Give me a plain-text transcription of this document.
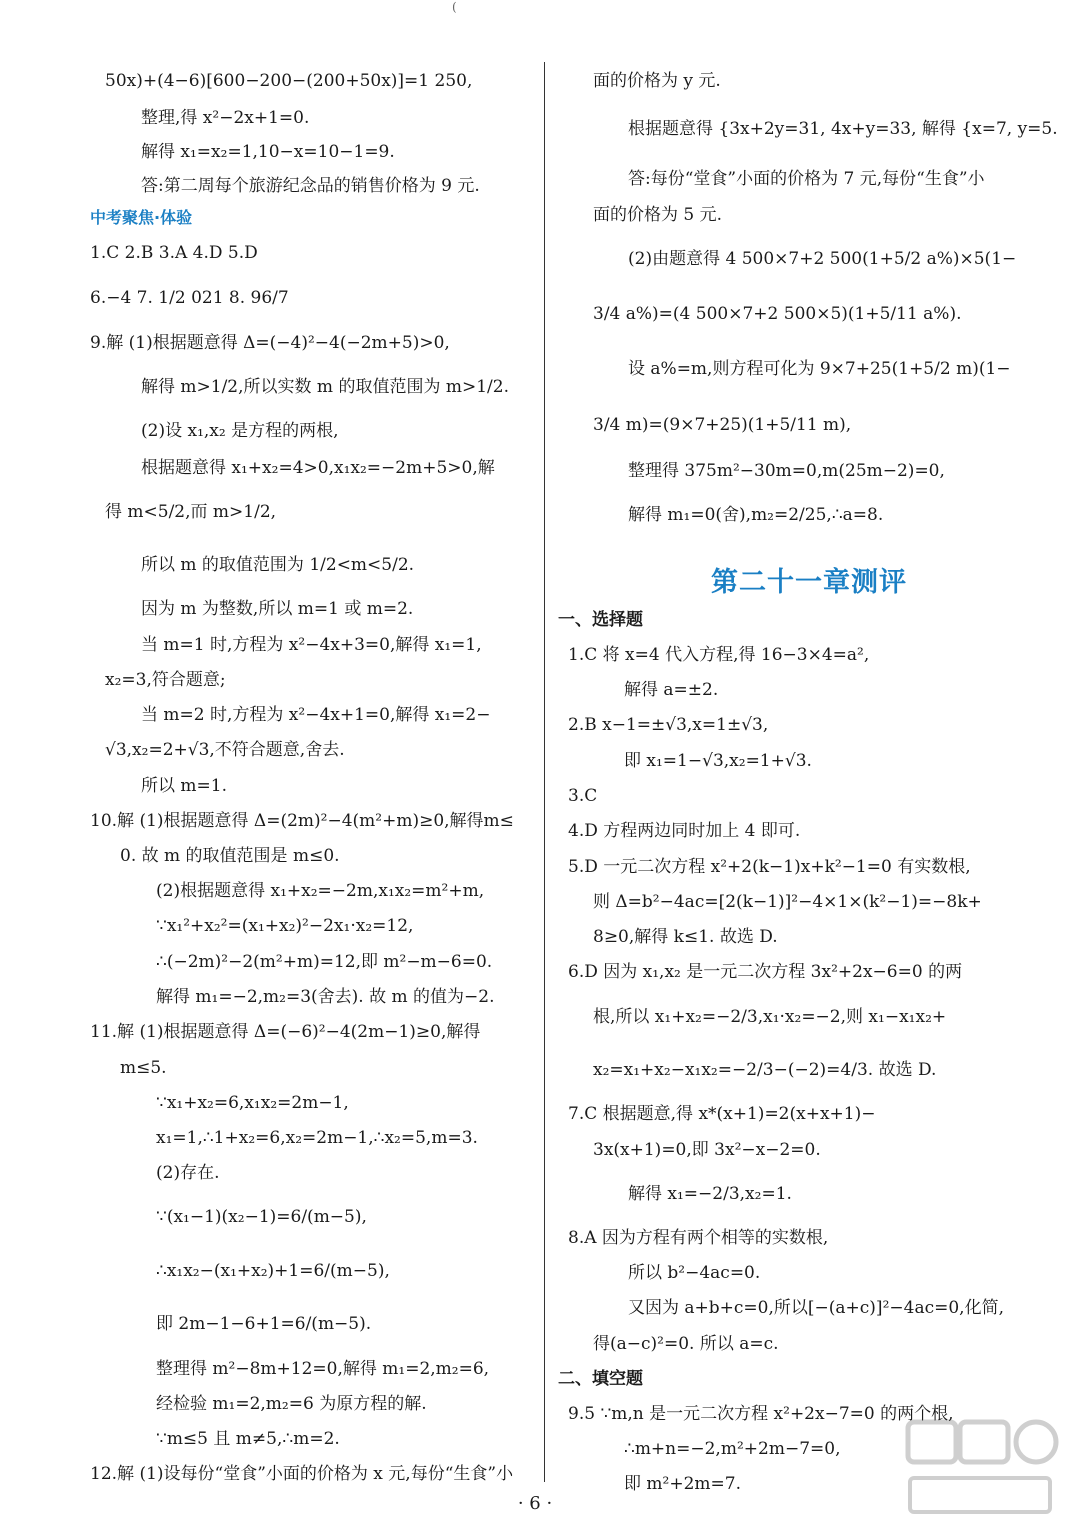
(
50x)+(4−6)[600−200−(200+50x)]=1 250,
整理,得 x²−2x+1=0.
解得 x₁=x₂=1,10−x=10−1=9.
答:第二周每个旅游纪念品的销售价格为 9 元.
中考聚焦·体验
1.C 2.B 3.A 4.D 5.D
6.−4 7. 1/2 021 8. 96/7
9.解 (1)根据题意得 Δ=(−4)²−4(−2m+5)>0,
解得 m>1/2,所以实数 m 的取值范围为 m>1/2.
(2)设 x₁,x₂ 是方程的两根,
根据题意得 x₁+x₂=4>0,x₁x₂=−2m+5>0,解
得 m<5/2,而 m>1/2,
所以 m 的取值范围为 1/2<m<5/2.
因为 m 为整数,所以 m=1 或 m=2.
当 m=1 时,方程为 x²−4x+3=0,解得 x₁=1,
x₂=3,符合题意;
当 m=2 时,方程为 x²−4x+1=0,解得 x₁=2−
√3,x₂=2+√3,不符合题意,舍去.
所以 m=1.
10.解 (1)根据题意得 Δ=(2m)²−4(m²+m)≥0,解得m≤
0. 故 m 的取值范围是 m≤0.
(2)根据题意得 x₁+x₂=−2m,x₁x₂=m²+m,
∵x₁²+x₂²=(x₁+x₂)²−2x₁·x₂=12,
∴(−2m)²−2(m²+m)=12,即 m²−m−6=0.
解得 m₁=−2,m₂=3(舍去). 故 m 的值为−2.
11.解 (1)根据题意得 Δ=(−6)²−4(2m−1)≥0,解得
m≤5.
∵x₁+x₂=6,x₁x₂=2m−1,
x₁=1,∴1+x₂=6,x₂=2m−1,∴x₂=5,m=3.
(2)存在.
∵(x₁−1)(x₂−1)=6/(m−5),
∴x₁x₂−(x₁+x₂)+1=6/(m−5),
即 2m−1−6+1=6/(m−5).
整理得 m²−8m+12=0,解得 m₁=2,m₂=6,
经检验 m₁=2,m₂=6 为原方程的解.
∵m≤5 且 m≠5,∴m=2.
12.解 (1)设每份“堂食”小面的价格为 x 元,每份“生食”小
第二十一章测评
面的价格为 y 元.
根据题意得 {3x+2y=31, 4x+y=33, 解得 {x=7, y=5.
答:每份“堂食”小面的价格为 7 元,每份“生食”小
面的价格为 5 元.
(2)由题意得 4 500×7+2 500(1+5/2 a%)×5(1−
3/4 a%)=(4 500×7+2 500×5)(1+5/11 a%).
设 a%=m,则方程可化为 9×7+25(1+5/2 m)(1−
3/4 m)=(9×7+25)(1+5/11 m),
整理得 375m²−30m=0,m(25m−2)=0,
解得 m₁=0(舍),m₂=2/25,∴a=8.
一、选择题
1.C 将 x=4 代入方程,得 16−3×4=a²,
解得 a=±2.
2.B x−1=±√3,x=1±√3,
即 x₁=1−√3,x₂=1+√3.
3.C
4.D 方程两边同时加上 4 即可.
5.D 一元二次方程 x²+2(k−1)x+k²−1=0 有实数根,
则 Δ=b²−4ac=[2(k−1)]²−4×1×(k²−1)=−8k+
8≥0,解得 k≤1. 故选 D.
6.D 因为 x₁,x₂ 是一元二次方程 3x²+2x−6=0 的两
根,所以 x₁+x₂=−2/3,x₁·x₂=−2,则 x₁−x₁x₂+
x₂=x₁+x₂−x₁x₂=−2/3−(−2)=4/3. 故选 D.
7.C 根据题意,得 x*(x+1)=2(x+x+1)−
3x(x+1)=0,即 3x²−x−2=0.
解得 x₁=−2/3,x₂=1.
8.A 因为方程有两个相等的实数根,
所以 b²−4ac=0.
又因为 a+b+c=0,所以[−(a+c)]²−4ac=0,化简,
得(a−c)²=0. 所以 a=c.
二、填空题
9.5 ∵m,n 是一元二次方程 x²+2x−7=0 的两个根,
∴m+n=−2,m²+2m−7=0,
即 m²+2m=7.
· 6 ·
